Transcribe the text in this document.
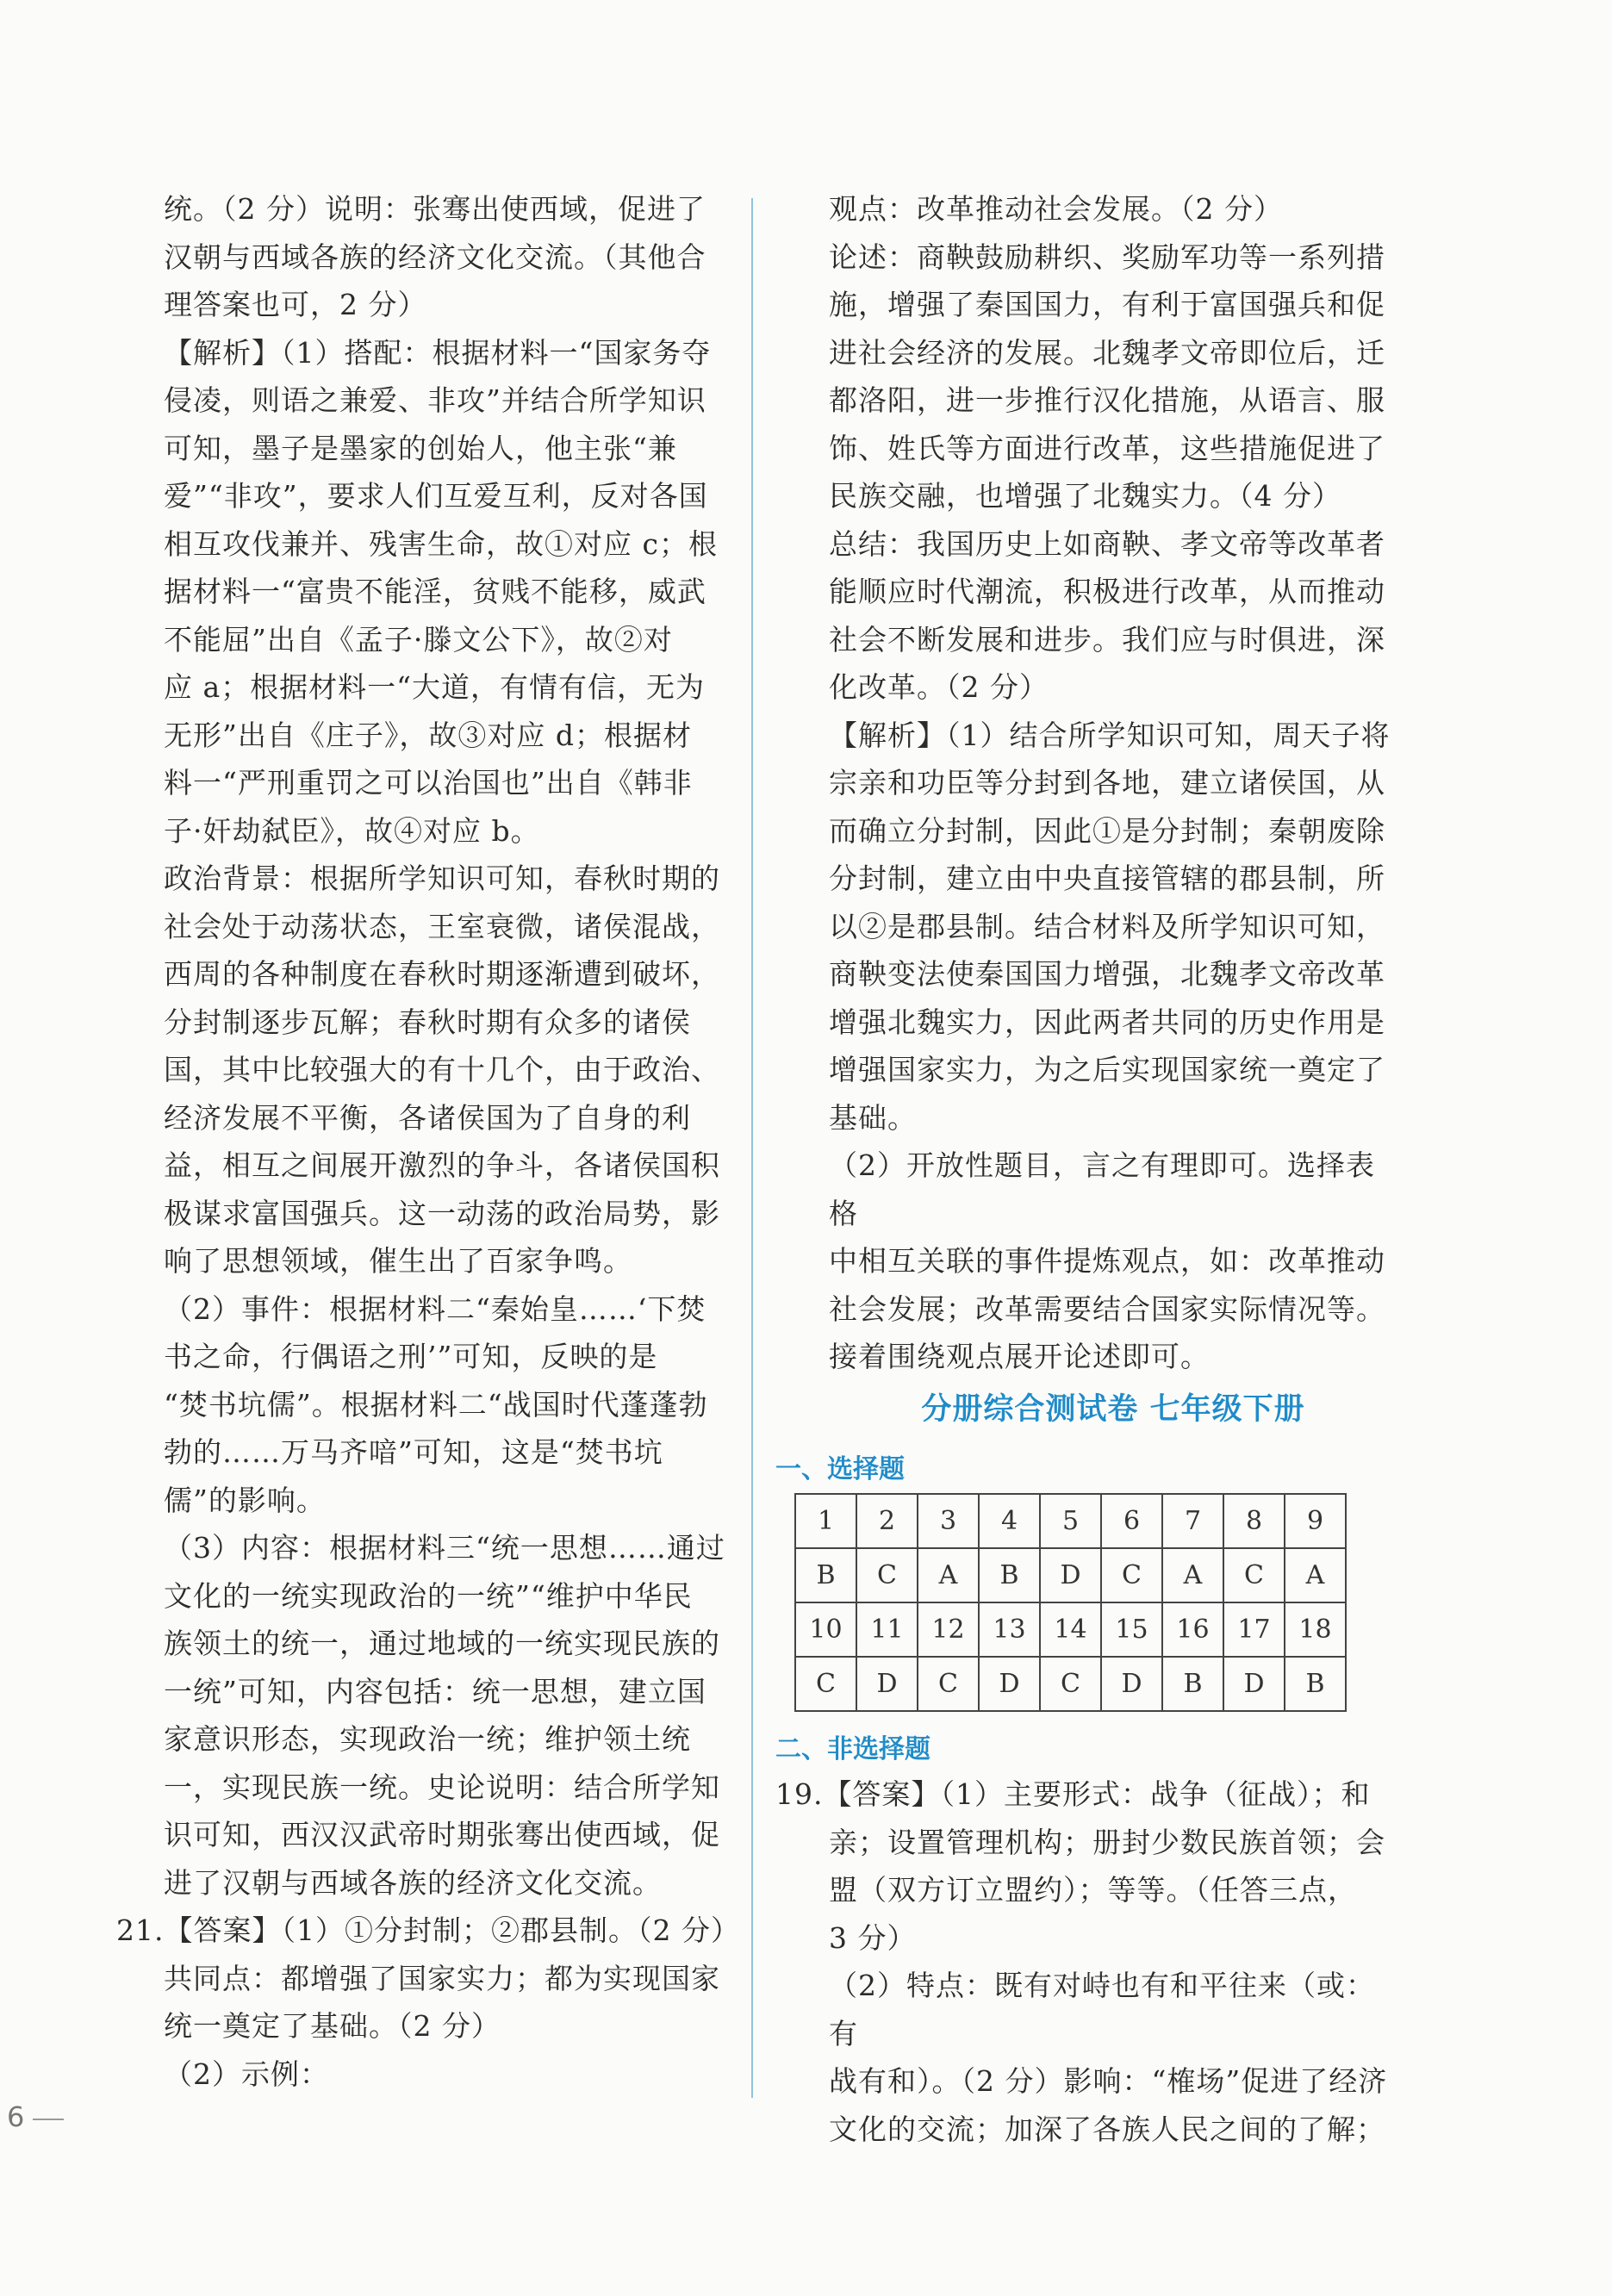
统。（2 分）说明：张骞出使西域，促进了

汉朝与西域各族的经济文化交流。（其他合

理答案也可，2 分）

【解析】（1）搭配：根据材料一“国家务夺

侵凌，则语之兼爱、非攻”并结合所学知识

可知，墨子是墨家的创始人，他主张“兼

爱”“非攻”，要求人们互爱互利，反对各国

相互攻伐兼并、残害生命，故①对应 c；根

据材料一“富贵不能淫，贫贱不能移，威武

不能屈”出自《孟子·滕文公下》，故②对

应 a；根据材料一“大道，有情有信，无为

无形”出自《庄子》，故③对应 d；根据材

料一“严刑重罚之可以治国也”出自《韩非

子·奸劫弑臣》，故④对应 b。

政治背景：根据所学知识可知，春秋时期的

社会处于动荡状态，王室衰微，诸侯混战，

西周的各种制度在春秋时期逐渐遭到破坏，

分封制逐步瓦解；春秋时期有众多的诸侯

国，其中比较强大的有十几个，由于政治、

经济发展不平衡，各诸侯国为了自身的利

益，相互之间展开激烈的争斗，各诸侯国积

极谋求富国强兵。这一动荡的政治局势，影

响了思想领域，催生出了百家争鸣。

（2）事件：根据材料二“秦始皇……‘下焚

书之命，行偶语之刑’”可知，反映的是

“焚书坑儒”。根据材料二“战国时代蓬蓬勃

勃的……万马齐喑”可知，这是“焚书坑

儒”的影响。

（3）内容：根据材料三“统一思想……通过

文化的一统实现政治的一统”“维护中华民

族领土的统一，通过地域的一统实现民族的

一统”可知，内容包括：统一思想，建立国

家意识形态，实现政治一统；维护领土统

一，实现民族一统。史论说明：结合所学知

识可知，西汉汉武帝时期张骞出使西域，促

进了汉朝与西域各族的经济文化交流。

21.【答案】（1）①分封制；②郡县制。（2 分）

共同点：都增强了国家实力；都为实现国家

统一奠定了基础。（2 分）

（2）示例：

观点：改革推动社会发展。（2 分）

论述：商鞅鼓励耕织、奖励军功等一系列措

施，增强了秦国国力，有利于富国强兵和促

进社会经济的发展。北魏孝文帝即位后，迁

都洛阳，进一步推行汉化措施，从语言、服

饰、姓氏等方面进行改革，这些措施促进了

民族交融，也增强了北魏实力。（4 分）

总结：我国历史上如商鞅、孝文帝等改革者

能顺应时代潮流，积极进行改革，从而推动

社会不断发展和进步。我们应与时俱进，深

化改革。（2 分）

【解析】（1）结合所学知识可知，周天子将

宗亲和功臣等分封到各地，建立诸侯国，从

而确立分封制，因此①是分封制；秦朝废除

分封制，建立由中央直接管辖的郡县制，所

以②是郡县制。结合材料及所学知识可知，

商鞅变法使秦国国力增强，北魏孝文帝改革

增强北魏实力，因此两者共同的历史作用是

增强国家实力，为之后实现国家统一奠定了

基础。

（2）开放性题目，言之有理即可。选择表格

中相互关联的事件提炼观点，如：改革推动

社会发展；改革需要结合国家实际情况等。

接着围绕观点展开论述即可。

分册综合测试卷 七年级下册
一、选择题
1	2	3	4	5	6	7	8	9
B	C	A	B	D	C	A	C	A
10	11	12	13	14	15	16	17	18
C	D	C	D	C	D	B	D	B
二、非选择题

19.【答案】（1）主要形式：战争（征战）；和

亲；设置管理机构；册封少数民族首领；会

盟（双方订立盟约）；等等。（任答三点，

3 分）

（2）特点：既有对峙也有和平往来（或：有

战有和）。（2 分）影响：“榷场”促进了经济

文化的交流；加深了各族人民之间的了解；

6
